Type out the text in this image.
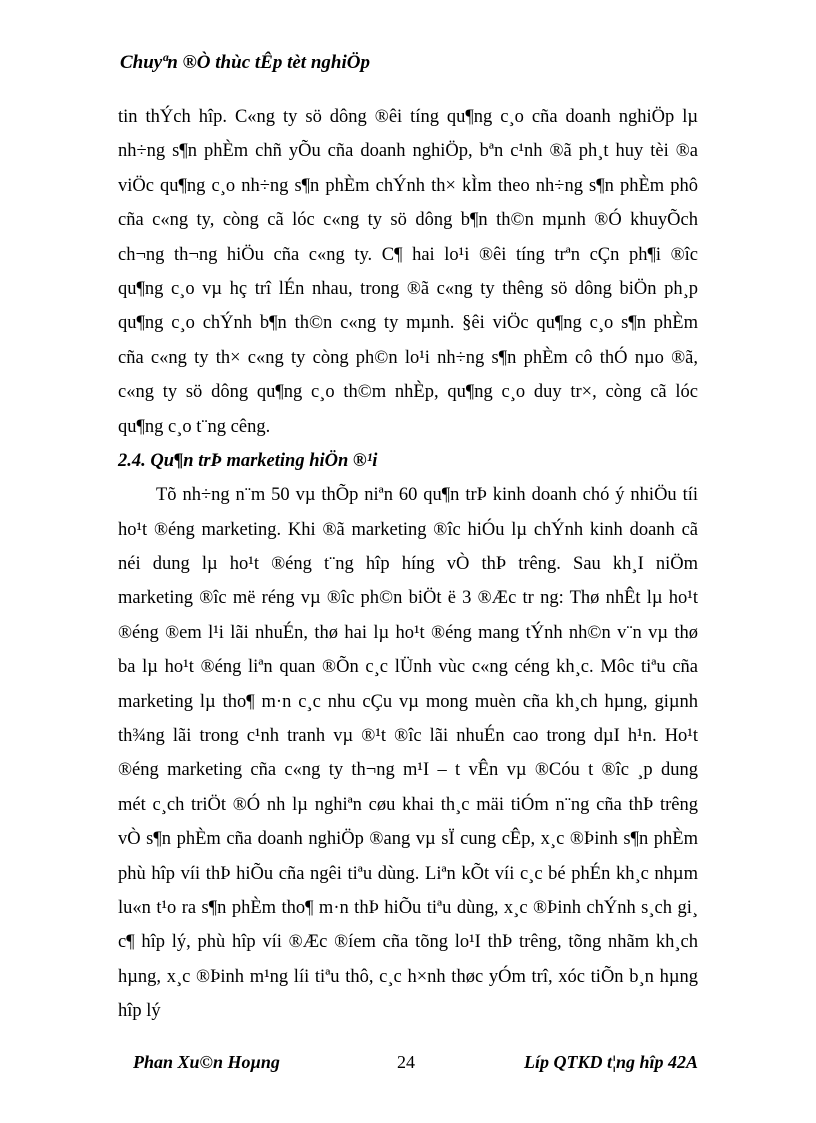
Chuyªn ®Ò thùc tÊp tèt nghiÖp
tin thÝch hîp. C«ng ty sö dông ®êi tíng qu¶ng c¸o cña doanh nghiÖp lµ
nh÷ng s¶n phÈm chñ yÕu cña doanh nghiÖp, bªn c¹nh ®ã ph¸t huy tèi ®a
viÖc qu¶ng c¸o nh÷ng s¶n phÈm chÝnh th× kÌm theo nh÷ng s¶n phÈm phô
cña c«ng ty, còng cã lóc c«ng ty sö dông b¶n th©n mµnh ®Ó khuyÕch
ch¬ng th¬ng hiÖu cña c«ng ty. C¶ hai lo¹i ®êi tíng trªn cÇn ph¶i ®îc
qu¶ng c¸o vµ hç trî lÉn nhau, trong ®ã c«ng ty thêng sö dông biÖn ph¸p
qu¶ng c¸o chÝnh b¶n th©n c«ng ty mµnh. §êi viÖc qu¶ng c¸o s¶n phÈm
cña c«ng ty th× c«ng ty còng ph©n lo¹i nh÷ng s¶n phÈm cô thÓ nµo ®ã,
c«ng ty sö dông qu¶ng c¸o th©m nhÈp, qu¶ng c¸o duy tr×, còng cã lóc
qu¶ng c¸o t¨ng cêng.
2.4. Qu¶n trÞ marketing hiÖn ®¹i
Tõ nh÷ng n¨m 50 vµ thÕp niªn 60 qu¶n trÞ kinh doanh chó ý nhiÖu tíi
ho¹t ®éng marketing. Khi ®ã marketing ®îc hiÓu lµ chÝnh kinh doanh cã
néi dung lµ ho¹t ®éng t¨ng hîp híng vÒ thÞ trêng. Sau kh¸I niÖm
marketing ®îc më réng vµ ®îc ph©n biÖt ë 3 ®Æc tr ng: Thø nhÊt lµ ho¹t
®éng ®em l¹i lãi nhuÉn, thø hai lµ ho¹t ®éng mang tÝnh nh©n v¨n vµ thø
ba lµ ho¹t ®éng liªn quan ®Õn c¸c lÜnh vùc c«ng céng kh¸c. Môc tiªu cña
marketing lµ tho¶ m·n c¸c nhu cÇu vµ mong muèn cña kh¸ch hµng, giµnh
th¾ng lãi trong c¹nh tranh vµ ®¹t ®îc lãi nhuÉn cao trong dµI h¹n. Ho¹t
®éng marketing cña c«ng ty th¬ng m¹I – t vÊn vµ ®Cóu t ®îc ¸p dung
mét c¸ch triÖt ®Ó nh lµ nghiªn cøu khai th¸c mäi tiÓm n¨ng cña thÞ trêng
vÒ s¶n phÈm cña doanh nghiÖp ®ang vµ sÏ cung cÊp, x¸c ®Þinh s¶n phÈm
phù hîp víi thÞ hiÕu cña ngêi tiªu dùng. Liªn kÕt víi c¸c bé phÉn kh¸c nhµm
lu«n t¹o ra s¶n phÈm tho¶ m·n thÞ hiÕu tiªu dùng, x¸c ®Þinh chÝnh s¸ch gi¸
c¶ hîp lý, phù hîp víi ®Æc ®íem cña tõng lo¹I thÞ trêng, tõng nhãm kh¸ch
hµng, x¸c ®Þinh m¹ng líi tiªu thô, c¸c h×nh thøc yÓm trî, xóc tiÕn b¸n hµng
hîp lý
Phan Xu©n Hoµng	24	Líp QTKD t¦ng hîp 42A
